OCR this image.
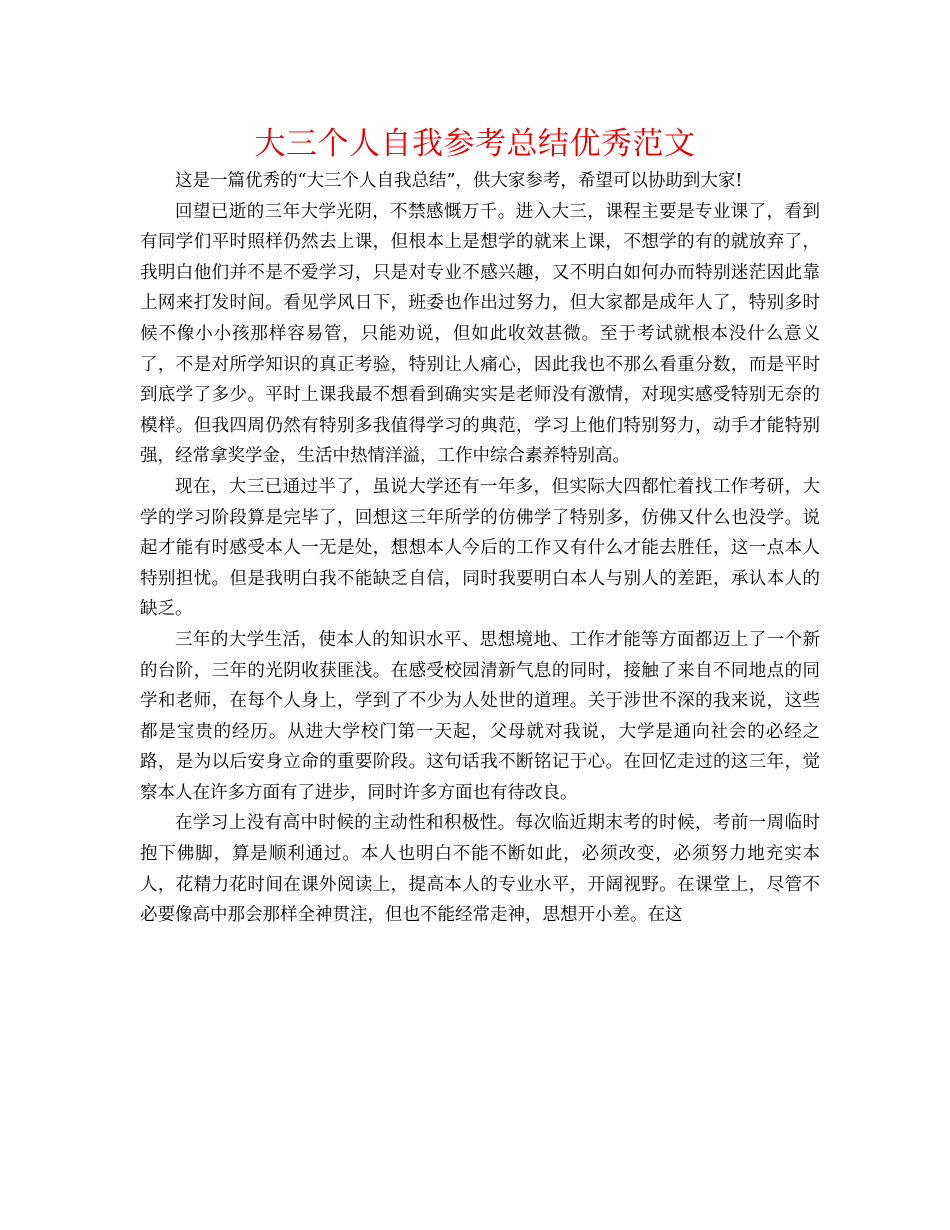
大三个人自我参考总结优秀范文

这是一篇优秀的“大三个人自我总结”，供大家参考，希望可以协助到大家!

回望已逝的三年大学光阴，不禁感慨万千。进入大三，课程主要是专业课了，看到有同学们平时照样仍然去上课，但根本上是想学的就来上课，不想学的有的就放弃了，我明白他们并不是不爱学习，只是对专业不感兴趣，又不明白如何办而特别迷茫因此靠上网来打发时间。看见学风日下，班委也作出过努力，但大家都是成年人了，特别多时候不像小小孩那样容易管，只能劝说，但如此收效甚微。至于考试就根本没什么意义了，不是对所学知识的真正考验，特别让人痛心，因此我也不那么看重分数，而是平时到底学了多少。平时上课我最不想看到确实实是老师没有激情，对现实感受特别无奈的模样。但我四周仍然有特别多我值得学习的典范，学习上他们特别努力，动手才能特别强，经常拿奖学金，生活中热情洋溢，工作中综合素养特别高。

现在，大三已通过半了，虽说大学还有一年多，但实际大四都忙着找工作考研，大学的学习阶段算是完毕了，回想这三年所学的仿佛学了特别多，仿佛又什么也没学。说起才能有时感受本人一无是处，想想本人今后的工作又有什么才能去胜任，这一点本人特别担忧。但是我明白我不能缺乏自信，同时我要明白本人与别人的差距，承认本人的缺乏。

三年的大学生活，使本人的知识水平、思想境地、工作才能等方面都迈上了一个新的台阶，三年的光阴收获匪浅。在感受校园清新气息的同时，接触了来自不同地点的同学和老师，在每个人身上，学到了不少为人处世的道理。关于涉世不深的我来说，这些都是宝贵的经历。从进大学校门第一天起，父母就对我说，大学是通向社会的必经之路，是为以后安身立命的重要阶段。这句话我不断铭记于心。在回忆走过的这三年，觉察本人在许多方面有了进步，同时许多方面也有待改良。

在学习上没有高中时候的主动性和积极性。每次临近期末考的时候，考前一周临时抱下佛脚，算是顺利通过。本人也明白不能不断如此，必须改变，必须努力地充实本人，花精力花时间在课外阅读上，提高本人的专业水平，开阔视野。在课堂上，尽管不必要像高中那会那样全神贯注，但也不能经常走神，思想开小差。在这
